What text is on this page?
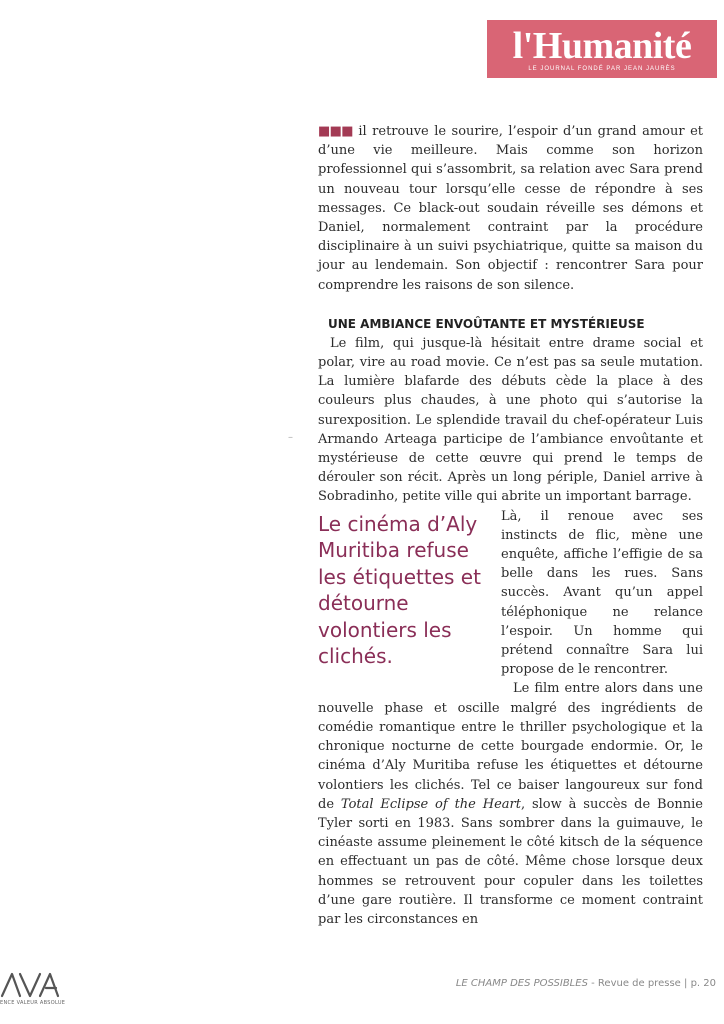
l'Humanité
LE JOURNAL FONDÉ PAR JEAN JAURÈS

■■■ il retrouve le sourire, l’espoir d’un grand amour et d’une vie meilleure. Mais comme son horizon professionnel qui s’assombrit, sa relation avec Sara prend un nouveau tour lorsqu’elle cesse de répondre à ses messages. Ce black-out soudain réveille ses démons et Daniel, normalement contraint par la procédure disciplinaire à un suivi psychiatrique, quitte sa maison du jour au lendemain. Son objectif : rencontrer Sara pour comprendre les raisons de son silence.

UNE AMBIANCE ENVOÛTANTE ET MYSTÉRIEUSE

Le film, qui jusque-là hésitait entre drame social et polar, vire au road movie. Ce n’est pas sa seule mutation. La lumière blafarde des débuts cède la place à des couleurs plus chaudes, à une photo qui s’autorise la surexposition. Le splendide travail du chef-opérateur Luis Armando Arteaga participe de l’ambiance envoûtante et mystérieuse de cette œuvre qui prend le temps de dérouler son récit. Après un long périple, Daniel arrive à Sobradinho, petite ville qui abrite un important barrage.

Le cinéma d’Aly Muritiba refuse les étiquettes et détourne volontiers les clichés.

Là, il renoue avec ses instincts de flic, mène une enquête, affiche l’effigie de sa belle dans les rues. Sans succès. Avant qu’un appel téléphonique ne relance l’espoir. Un homme qui prétend connaître Sara lui propose de le rencontrer.

Le film entre alors dans une nouvelle phase et oscille malgré des ingrédients de comédie romantique entre le thriller psychologique et la chronique nocturne de cette bourgade endormie. Or, le cinéma d’Aly Muritiba refuse les étiquettes et détourne volontiers les clichés. Tel ce baiser langoureux sur fond de Total Eclipse of the Heart, slow à succès de Bonnie Tyler sorti en 1983. Sans sombrer dans la guimauve, le cinéaste assume pleinement le côté kitsch de la séquence en effectuant un pas de côté. Même chose lorsque deux hommes se retrouvent pour copuler dans les toilettes d’une gare routière. Il transforme ce moment contraint par les circonstances en

–
ENCE VALEUR ABSOLUE
LE CHAMP DES POSSIBLES - Revue de presse | p. 20
